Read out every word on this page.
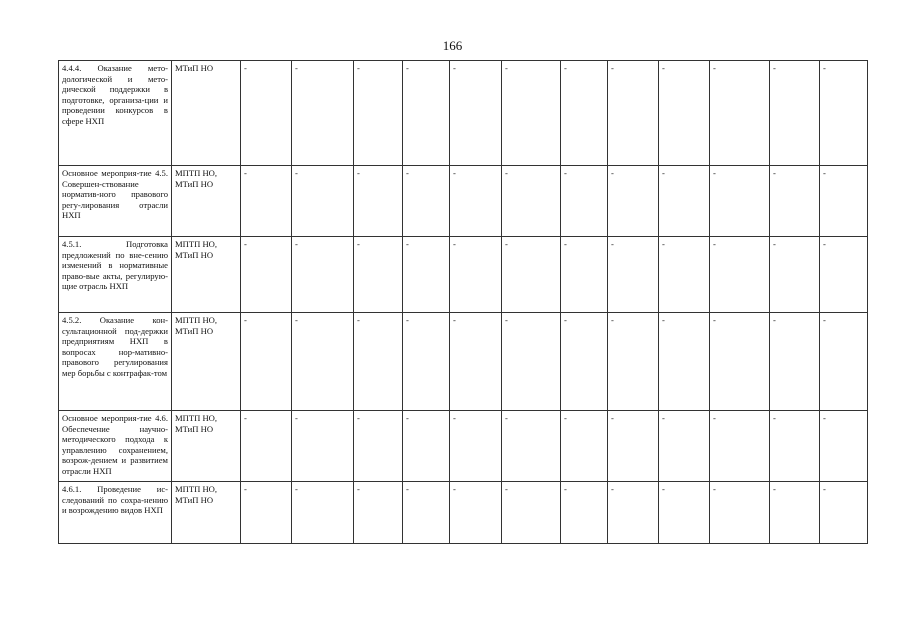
166
4.4.4. Оказание мето-дологической и мето-дической поддержки в подготовке, организа-ции и проведении конкурсов в сфере НХП	МТиП НО	-	-	-	-	-	-	-	-	-	-	-	-
Основное мероприя-тие 4.5. Совершен-ствование норматив-ного правового регу-лирования отрасли НХП	МПТП НО, МТиП НО	-	-	-	-	-	-	-	-	-	-	-	-
4.5.1. Подготовка предложений по вне-сению изменений в нормативные право-вые акты, регулирую-щие отрасль НХП	МПТП НО, МТиП НО	-	-	-	-	-	-	-	-	-	-	-	-
4.5.2. Оказание кон-сультационной под-держки предприятиям НХП в вопросах нор-мативно-правового регулирования мер борьбы с контрафак-том	МПТП НО, МТиП НО	-	-	-	-	-	-	-	-	-	-	-	-
Основное мероприя-тие 4.6. Обеспечение научно-методического подхода к управлению сохранением, возрож-дением и развитием отрасли НХП	МПТП НО, МТиП НО	-	-	-	-	-	-	-	-	-	-	-	-
4.6.1. Проведение ис-следований по сохра-нению и возрождению видов НХП	МПТП НО, МТиП НО	-	-	-	-	-	-	-	-	-	-	-	-
